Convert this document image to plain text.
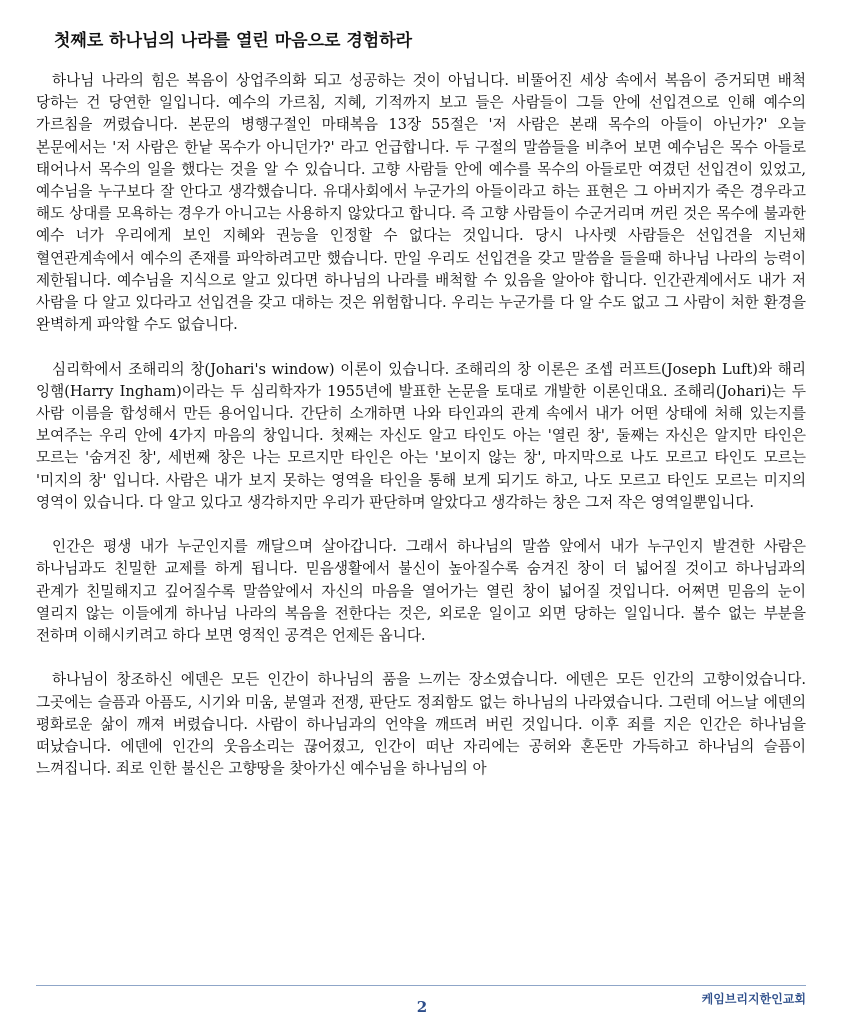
첫째로 하나님의 나라를 열린 마음으로 경험하라

하나님 나라의 힘은 복음이 상업주의화 되고 성공하는 것이 아닙니다. 비뚤어진 세상 속에서 복음이 증거되면 배척 당하는 건 당연한 일입니다. 예수의 가르침, 지혜, 기적까지 보고 들은 사람들이 그들 안에 선입견으로 인해 예수의 가르침을 꺼렸습니다. 본문의 병행구절인 마태복음 13장 55절은 '저 사람은 본래 목수의 아들이 아닌가?' 오늘 본문에서는 '저 사람은 한낱 목수가 아니던가?' 라고 언급합니다. 두 구절의 말씀들을 비추어 보면 예수님은 목수 아들로 태어나서 목수의 일을 했다는 것을 알 수 있습니다. 고향 사람들 안에 예수를 목수의 아들로만 여겼던 선입견이 있었고, 예수님을 누구보다 잘 안다고 생각했습니다. 유대사회에서 누군가의 아들이라고 하는 표현은 그 아버지가 죽은 경우라고 해도 상대를 모욕하는 경우가 아니고는 사용하지 않았다고 합니다. 즉 고향 사람들이 수군거리며 꺼린 것은 목수에 불과한 예수 너가 우리에게 보인 지혜와 권능을 인정할 수 없다는 것입니다. 당시 나사렛 사람들은 선입견을 지닌채 혈연관계속에서 예수의 존재를 파악하려고만 했습니다. 만일 우리도 선입견을 갖고 말씀을 들을때 하나님 나라의 능력이 제한됩니다. 예수님을 지식으로 알고 있다면 하나님의 나라를 배척할 수 있음을 알아야 합니다. 인간관계에서도 내가 저 사람을 다 알고 있다라고 선입견을 갖고 대하는 것은 위험합니다. 우리는 누군가를 다 알 수도 없고 그 사람이 처한 환경을 완벽하게 파악할 수도 없습니다.

심리학에서 조해리의 창(Johari's window) 이론이 있습니다. 조해리의 창 이론은 조셉 러프트(Joseph Luft)와 해리 잉햄(Harry Ingham)이라는 두 심리학자가 1955년에 발표한 논문을 토대로 개발한 이론인대요. 조해리(Johari)는 두 사람 이름을 합성해서 만든 용어입니다. 간단히 소개하면 나와 타인과의 관계 속에서 내가 어떤 상태에 처해 있는지를 보여주는 우리 안에 4가지 마음의 창입니다. 첫째는 자신도 알고 타인도 아는 '열린 창', 둘째는 자신은 알지만 타인은 모르는 '숨겨진 창', 세번째 창은 나는 모르지만 타인은 아는 '보이지 않는 창', 마지막으로 나도 모르고 타인도 모르는 '미지의 창' 입니다. 사람은 내가 보지 못하는 영역을 타인을 통해 보게 되기도 하고, 나도 모르고 타인도 모르는 미지의 영역이 있습니다. 다 알고 있다고 생각하지만 우리가 판단하며 알았다고 생각하는 창은 그저 작은 영역일뿐입니다.

인간은 평생 내가 누군인지를 깨달으며 살아갑니다. 그래서 하나님의 말씀 앞에서 내가 누구인지 발견한 사람은 하나님과도 친밀한 교제를 하게 됩니다. 믿음생활에서 불신이 높아질수록 숨겨진 창이 더 넓어질 것이고 하나님과의 관계가 친밀해지고 깊어질수록 말씀앞에서 자신의 마음을 열어가는 열린 창이 넓어질 것입니다. 어쩌면 믿음의 눈이 열리지 않는 이들에게 하나님 나라의 복음을 전한다는 것은, 외로운 일이고 외면 당하는 일입니다. 볼수 없는 부분을 전하며 이해시키려고 하다 보면 영적인 공격은 언제든 옵니다.

하나님이 창조하신 에덴은 모든 인간이 하나님의 품을 느끼는 장소였습니다. 에덴은 모든 인간의 고향이었습니다. 그곳에는 슬픔과 아픔도, 시기와 미움, 분열과 전쟁, 판단도 정죄함도 없는 하나님의 나라였습니다. 그런데 어느날 에덴의 평화로운 삶이 깨져 버렸습니다. 사람이 하나님과의 언약을 깨뜨려 버린 것입니다. 이후 죄를 지은 인간은 하나님을 떠났습니다. 에덴에 인간의 웃음소리는 끊어졌고, 인간이 떠난 자리에는 공허와 혼돈만 가득하고 하나님의 슬픔이 느껴집니다. 죄로 인한 불신은 고향땅을 찾아가신 예수님을 하나님의 아

2	케임브리지한인교회
